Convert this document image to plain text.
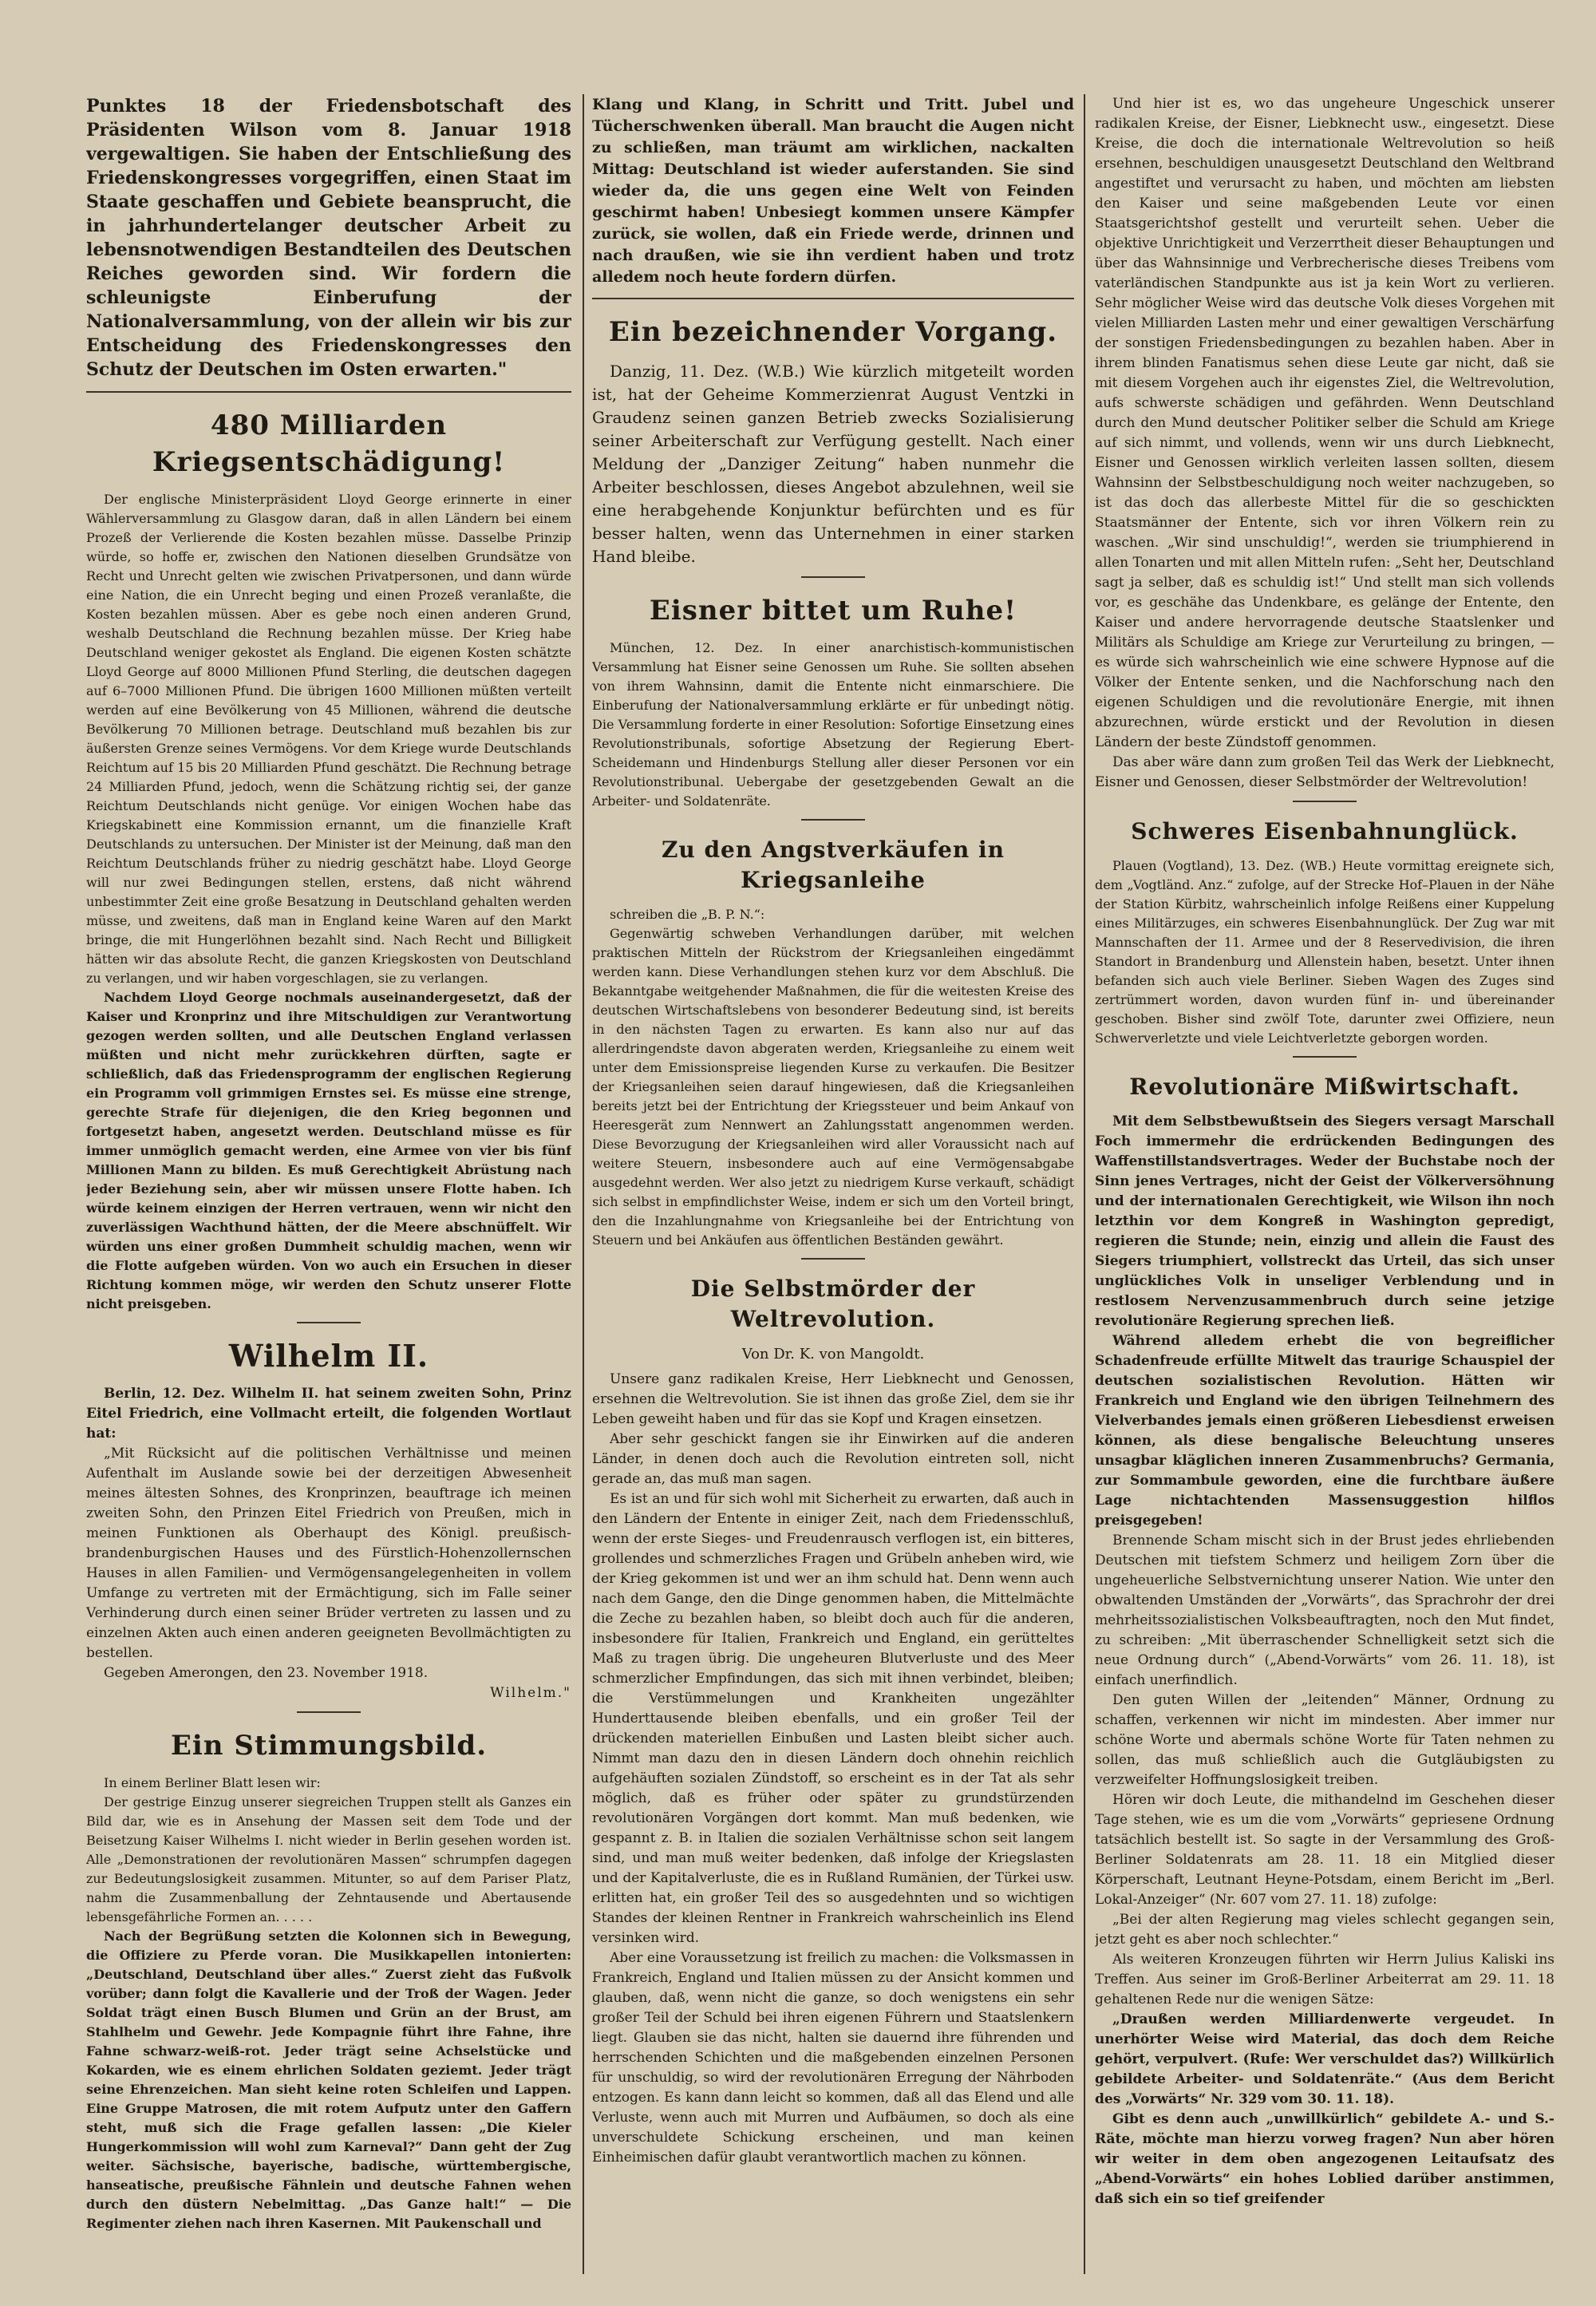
Punktes 18 der Friedensbotschaft des Präsidenten Wilson vom 8. Januar 1918 vergewaltigen. Sie haben der Entschließung des Friedenskongresses vorgegriffen, einen Staat im Staate geschaffen und Gebiete beansprucht, die in jahrhundertelanger deutscher Arbeit zu lebensnotwendigen Bestandteilen des Deutschen Reiches geworden sind. Wir fordern die schleunigste Einberufung der Nationalversammlung, von der allein wir bis zur Entscheidung des Friedenskongresses den Schutz der Deutschen im Osten erwarten."

480 Milliarden Kriegsentschädigung!

Der englische Ministerpräsident Lloyd George erinnerte in einer Wählerversammlung zu Glasgow daran, daß in allen Ländern bei einem Prozeß der Verlierende die Kosten bezahlen müsse. Dasselbe Prinzip würde, so hoffe er, zwischen den Nationen dieselben Grundsätze von Recht und Unrecht gelten wie zwischen Privatpersonen, und dann würde eine Nation, die ein Unrecht beging und einen Prozeß veranlaßte, die Kosten bezahlen müssen. Aber es gebe noch einen anderen Grund, weshalb Deutschland die Rechnung bezahlen müsse. Der Krieg habe Deutschland weniger gekostet als England. Die eigenen Kosten schätzte Lloyd George auf 8000 Millionen Pfund Sterling, die deutschen dagegen auf 6–7000 Millionen Pfund. Die übrigen 1600 Millionen müßten verteilt werden auf eine Bevölkerung von 45 Millionen, während die deutsche Bevölkerung 70 Millionen betrage. Deutschland muß bezahlen bis zur äußersten Grenze seines Vermögens. Vor dem Kriege wurde Deutschlands Reichtum auf 15 bis 20 Milliarden Pfund geschätzt. Die Rechnung betrage 24 Milliarden Pfund, jedoch, wenn die Schätzung richtig sei, der ganze Reichtum Deutschlands nicht genüge. Vor einigen Wochen habe das Kriegskabinett eine Kommission ernannt, um die finanzielle Kraft Deutschlands zu untersuchen. Der Minister ist der Meinung, daß man den Reichtum Deutschlands früher zu niedrig geschätzt habe. Lloyd George will nur zwei Bedingungen stellen, erstens, daß nicht während unbestimmter Zeit eine große Besatzung in Deutschland gehalten werden müsse, und zweitens, daß man in England keine Waren auf den Markt bringe, die mit Hungerlöhnen bezahlt sind. Nach Recht und Billigkeit hätten wir das absolute Recht, die ganzen Kriegskosten von Deutschland zu verlangen, und wir haben vorgeschlagen, sie zu verlangen.

Nachdem Lloyd George nochmals auseinandergesetzt, daß der Kaiser und Kronprinz und ihre Mitschuldigen zur Verantwortung gezogen werden sollten, und alle Deutschen England verlassen müßten und nicht mehr zurückkehren dürften, sagte er schließlich, daß das Friedensprogramm der englischen Regierung ein Programm voll grimmigen Ernstes sei. Es müsse eine strenge, gerechte Strafe für diejenigen, die den Krieg begonnen und fortgesetzt haben, angesetzt werden. Deutschland müsse es für immer unmöglich gemacht werden, eine Armee von vier bis fünf Millionen Mann zu bilden. Es muß Gerechtigkeit Abrüstung nach jeder Beziehung sein, aber wir müssen unsere Flotte haben. Ich würde keinem einzigen der Herren vertrauen, wenn wir nicht den zuverlässigen Wachthund hätten, der die Meere abschnüffelt. Wir würden uns einer großen Dummheit schuldig machen, wenn wir die Flotte aufgeben würden. Von wo auch ein Ersuchen in dieser Richtung kommen möge, wir werden den Schutz unserer Flotte nicht preisgeben.

Wilhelm II.

Berlin, 12. Dez. Wilhelm II. hat seinem zweiten Sohn, Prinz Eitel Friedrich, eine Vollmacht erteilt, die folgenden Wortlaut hat:

„Mit Rücksicht auf die politischen Verhältnisse und meinen Aufenthalt im Auslande sowie bei der derzeitigen Abwesenheit meines ältesten Sohnes, des Kronprinzen, beauftrage ich meinen zweiten Sohn, den Prinzen Eitel Friedrich von Preußen, mich in meinen Funktionen als Oberhaupt des Königl. preußisch-brandenburgischen Hauses und des Fürstlich-Hohenzollernschen Hauses in allen Familien- und Vermögensangelegenheiten in vollem Umfange zu vertreten mit der Ermächtigung, sich im Falle seiner Verhinderung durch einen seiner Brüder vertreten zu lassen und zu einzelnen Akten auch einen anderen geeigneten Bevollmächtigten zu bestellen.

Gegeben Amerongen, den 23. November 1918.

Wilhelm."

Ein Stimmungsbild.

In einem Berliner Blatt lesen wir:

Der gestrige Einzug unserer siegreichen Truppen stellt als Ganzes ein Bild dar, wie es in Ansehung der Massen seit dem Tode und der Beisetzung Kaiser Wilhelms I. nicht wieder in Berlin gesehen worden ist. Alle „Demonstrationen der revolutionären Massen“ schrumpfen dagegen zur Bedeutungslosigkeit zusammen. Mitunter, so auf dem Pariser Platz, nahm die Zusammenballung der Zehntausende und Abertausende lebensgefährliche Formen an. . . . .

Nach der Begrüßung setzten die Kolonnen sich in Bewegung, die Offiziere zu Pferde voran. Die Musikkapellen intonierten: „Deutschland, Deutschland über alles.“ Zuerst zieht das Fußvolk vorüber; dann folgt die Kavallerie und der Troß der Wagen. Jeder Soldat trägt einen Busch Blumen und Grün an der Brust, am Stahlhelm und Gewehr. Jede Kompagnie führt ihre Fahne, ihre Fahne schwarz-weiß-rot. Jeder trägt seine Achselstücke und Kokarden, wie es einem ehrlichen Soldaten geziemt. Jeder trägt seine Ehrenzeichen. Man sieht keine roten Schleifen und Lappen. Eine Gruppe Matrosen, die mit rotem Aufputz unter den Gaffern steht, muß sich die Frage gefallen lassen: „Die Kieler Hungerkommission will wohl zum Karneval?“ Dann geht der Zug weiter. Sächsische, bayerische, badische, württembergische, hanseatische, preußische Fähnlein und deutsche Fahnen wehen durch den düstern Nebelmittag. „Das Ganze halt!“ — Die Regimenter ziehen nach ihren Kasernen. Mit Paukenschall und

Klang und Klang, in Schritt und Tritt. Jubel und Tücherschwenken überall. Man braucht die Augen nicht zu schließen, man träumt am wirklichen, nackalten Mittag: Deutschland ist wieder auferstanden. Sie sind wieder da, die uns gegen eine Welt von Feinden geschirmt haben! Unbesiegt kommen unsere Kämpfer zurück, sie wollen, daß ein Friede werde, drinnen und nach draußen, wie sie ihn verdient haben und trotz alledem noch heute fordern dürfen.

Ein bezeichnender Vorgang.

Danzig, 11. Dez. (W.B.) Wie kürzlich mitgeteilt worden ist, hat der Geheime Kommerzienrat August Ventzki in Graudenz seinen ganzen Betrieb zwecks Sozialisierung seiner Arbeiterschaft zur Verfügung gestellt. Nach einer Meldung der „Danziger Zeitung“ haben nunmehr die Arbeiter beschlossen, dieses Angebot abzulehnen, weil sie eine herabgehende Konjunktur befürchten und es für besser halten, wenn das Unternehmen in einer starken Hand bleibe.

Eisner bittet um Ruhe!

München, 12. Dez. In einer anarchistisch-kommunistischen Versammlung hat Eisner seine Genossen um Ruhe. Sie sollten absehen von ihrem Wahnsinn, damit die Entente nicht einmarschiere. Die Einberufung der Nationalversammlung erklärte er für unbedingt nötig. Die Versammlung forderte in einer Resolution: Sofortige Einsetzung eines Revolutionstribunals, sofortige Absetzung der Regierung Ebert-Scheidemann und Hindenburgs Stellung aller dieser Personen vor ein Revolutionstribunal. Uebergabe der gesetzgebenden Gewalt an die Arbeiter- und Soldatenräte.

Zu den Angstverkäufen in Kriegsanleihe

schreiben die „B. P. N.“:

Gegenwärtig schweben Verhandlungen darüber, mit welchen praktischen Mitteln der Rückstrom der Kriegsanleihen eingedämmt werden kann. Diese Verhandlungen stehen kurz vor dem Abschluß. Die Bekanntgabe weitgehender Maßnahmen, die für die weitesten Kreise des deutschen Wirtschaftslebens von besonderer Bedeutung sind, ist bereits in den nächsten Tagen zu erwarten. Es kann also nur auf das allerdringendste davon abgeraten werden, Kriegsanleihe zu einem weit unter dem Emissionspreise liegenden Kurse zu verkaufen. Die Besitzer der Kriegsanleihen seien darauf hingewiesen, daß die Kriegsanleihen bereits jetzt bei der Entrichtung der Kriegssteuer und beim Ankauf von Heeresgerät zum Nennwert an Zahlungsstatt angenommen werden. Diese Bevorzugung der Kriegsanleihen wird aller Voraussicht nach auf weitere Steuern, insbesondere auch auf eine Vermögensabgabe ausgedehnt werden. Wer also jetzt zu niedrigem Kurse verkauft, schädigt sich selbst in empfindlichster Weise, indem er sich um den Vorteil bringt, den die Inzahlungnahme von Kriegsanleihe bei der Entrichtung von Steuern und bei Ankäufen aus öffentlichen Beständen gewährt.

Die Selbstmörder der Weltrevolution.
Von Dr. K. von Mangoldt.

Unsere ganz radikalen Kreise, Herr Liebknecht und Genossen, ersehnen die Weltrevolution. Sie ist ihnen das große Ziel, dem sie ihr Leben geweiht haben und für das sie Kopf und Kragen einsetzen.

Aber sehr geschickt fangen sie ihr Einwirken auf die anderen Länder, in denen doch auch die Revolution eintreten soll, nicht gerade an, das muß man sagen.

Es ist an und für sich wohl mit Sicherheit zu erwarten, daß auch in den Ländern der Entente in einiger Zeit, nach dem Friedensschluß, wenn der erste Sieges- und Freudenrausch verflogen ist, ein bitteres, grollendes und schmerzliches Fragen und Grübeln anheben wird, wie der Krieg gekommen ist und wer an ihm schuld hat. Denn wenn auch nach dem Gange, den die Dinge genommen haben, die Mittelmächte die Zeche zu bezahlen haben, so bleibt doch auch für die anderen, insbesondere für Italien, Frankreich und England, ein gerütteltes Maß zu tragen übrig. Die ungeheuren Blutverluste und des Meer schmerzlicher Empfindungen, das sich mit ihnen verbindet, bleiben; die Verstümmelungen und Krankheiten ungezählter Hunderttausende bleiben ebenfalls, und ein großer Teil der drückenden materiellen Einbußen und Lasten bleibt sicher auch. Nimmt man dazu den in diesen Ländern doch ohnehin reichlich aufgehäuften sozialen Zündstoff, so erscheint es in der Tat als sehr möglich, daß es früher oder später zu grundstürzenden revolutionären Vorgängen dort kommt. Man muß bedenken, wie gespannt z. B. in Italien die sozialen Verhältnisse schon seit langem sind, und man muß weiter bedenken, daß infolge der Kriegslasten und der Kapitalverluste, die es in Rußland Rumänien, der Türkei usw. erlitten hat, ein großer Teil des so ausgedehnten und so wichtigen Standes der kleinen Rentner in Frankreich wahrscheinlich ins Elend versinken wird.

Aber eine Voraussetzung ist freilich zu machen: die Volksmassen in Frankreich, England und Italien müssen zu der Ansicht kommen und glauben, daß, wenn nicht die ganze, so doch wenigstens ein sehr großer Teil der Schuld bei ihren eigenen Führern und Staatslenkern liegt. Glauben sie das nicht, halten sie dauernd ihre führenden und herrschenden Schichten und die maßgebenden einzelnen Personen für unschuldig, so wird der revolutionären Erregung der Nährboden entzogen. Es kann dann leicht so kommen, daß all das Elend und alle Verluste, wenn auch mit Murren und Aufbäumen, so doch als eine unverschuldete Schickung erscheinen, und man keinen Einheimischen dafür glaubt verantwortlich machen zu können.

Und hier ist es, wo das ungeheure Ungeschick unserer radikalen Kreise, der Eisner, Liebknecht usw., eingesetzt. Diese Kreise, die doch die internationale Weltrevolution so heiß ersehnen, beschuldigen unausgesetzt Deutschland den Weltbrand angestiftet und verursacht zu haben, und möchten am liebsten den Kaiser und seine maßgebenden Leute vor einen Staatsgerichtshof gestellt und verurteilt sehen. Ueber die objektive Unrichtigkeit und Verzerrtheit dieser Behauptungen und über das Wahnsinnige und Verbrecherische dieses Treibens vom vaterländischen Standpunkte aus ist ja kein Wort zu verlieren. Sehr möglicher Weise wird das deutsche Volk dieses Vorgehen mit vielen Milliarden Lasten mehr und einer gewaltigen Verschärfung der sonstigen Friedensbedingungen zu bezahlen haben. Aber in ihrem blinden Fanatismus sehen diese Leute gar nicht, daß sie mit diesem Vorgehen auch ihr eigenstes Ziel, die Weltrevolution, aufs schwerste schädigen und gefährden. Wenn Deutschland durch den Mund deutscher Politiker selber die Schuld am Kriege auf sich nimmt, und vollends, wenn wir uns durch Liebknecht, Eisner und Genossen wirklich verleiten lassen sollten, diesem Wahnsinn der Selbstbeschuldigung noch weiter nachzugeben, so ist das doch das allerbeste Mittel für die so geschickten Staatsmänner der Entente, sich vor ihren Völkern rein zu waschen. „Wir sind unschuldig!“, werden sie triumphierend in allen Tonarten und mit allen Mitteln rufen: „Seht her, Deutschland sagt ja selber, daß es schuldig ist!“ Und stellt man sich vollends vor, es geschähe das Undenkbare, es gelänge der Entente, den Kaiser und andere hervorragende deutsche Staatslenker und Militärs als Schuldige am Kriege zur Verurteilung zu bringen, — es würde sich wahrscheinlich wie eine schwere Hypnose auf die Völker der Entente senken, und die Nachforschung nach den eigenen Schuldigen und die revolutionäre Energie, mit ihnen abzurechnen, würde erstickt und der Revolution in diesen Ländern der beste Zündstoff genommen.

Das aber wäre dann zum großen Teil das Werk der Liebknecht, Eisner und Genossen, dieser Selbstmörder der Weltrevolution!

Schweres Eisenbahnunglück.

Plauen (Vogtland), 13. Dez. (WB.) Heute vormittag ereignete sich, dem „Vogtländ. Anz.“ zufolge, auf der Strecke Hof–Plauen in der Nähe der Station Kürbitz, wahrscheinlich infolge Reißens einer Kuppelung eines Militärzuges, ein schweres Eisenbahnunglück. Der Zug war mit Mannschaften der 11. Armee und der 8 Reservedivision, die ihren Standort in Brandenburg und Allenstein haben, besetzt. Unter ihnen befanden sich auch viele Berliner. Sieben Wagen des Zuges sind zertrümmert worden, davon wurden fünf in- und übereinander geschoben. Bisher sind zwölf Tote, darunter zwei Offiziere, neun Schwerverletzte und viele Leichtverletzte geborgen worden.

Revolutionäre Mißwirtschaft.

Mit dem Selbstbewußtsein des Siegers versagt Marschall Foch immermehr die erdrückenden Bedingungen des Waffenstillstandsvertrages. Weder der Buchstabe noch der Sinn jenes Vertrages, nicht der Geist der Völkerversöhnung und der internationalen Gerechtigkeit, wie Wilson ihn noch letzthin vor dem Kongreß in Washington gepredigt, regieren die Stunde; nein, einzig und allein die Faust des Siegers triumphiert, vollstreckt das Urteil, das sich unser unglückliches Volk in unseliger Verblendung und in restlosem Nervenzusammenbruch durch seine jetzige revolutionäre Regierung sprechen ließ.

Während alledem erhebt die von begreiflicher Schadenfreude erfüllte Mitwelt das traurige Schauspiel der deutschen sozialistischen Revolution. Hätten wir Frankreich und England wie den übrigen Teilnehmern des Vielverbandes jemals einen größeren Liebesdienst erweisen können, als diese bengalische Beleuchtung unseres unsagbar kläglichen inneren Zusammenbruchs? Germania, zur Sommambule geworden, eine die furchtbare äußere Lage nichtachtenden Massensuggestion hilflos preisgegeben!

Brennende Scham mischt sich in der Brust jedes ehrliebenden Deutschen mit tiefstem Schmerz und heiligem Zorn über die ungeheuerliche Selbstvernichtung unserer Nation. Wie unter den obwaltenden Umständen der „Vorwärts“, das Sprachrohr der drei mehrheitssozialistischen Volksbeauftragten, noch den Mut findet, zu schreiben: „Mit überraschender Schnelligkeit setzt sich die neue Ordnung durch“ („Abend-Vorwärts“ vom 26. 11. 18), ist einfach unerfindlich.

Den guten Willen der „leitenden“ Männer, Ordnung zu schaffen, verkennen wir nicht im mindesten. Aber immer nur schöne Worte und abermals schöne Worte für Taten nehmen zu sollen, das muß schließlich auch die Gutgläubigsten zu verzweifelter Hoffnungslosigkeit treiben.

Hören wir doch Leute, die mithandelnd im Geschehen dieser Tage stehen, wie es um die vom „Vorwärts“ gepriesene Ordnung tatsächlich bestellt ist. So sagte in der Versammlung des Groß-Berliner Soldatenrats am 28. 11. 18 ein Mitglied dieser Körperschaft, Leutnant Heyne-Potsdam, einem Bericht im „Berl. Lokal-Anzeiger“ (Nr. 607 vom 27. 11. 18) zufolge:

„Bei der alten Regierung mag vieles schlecht gegangen sein, jetzt geht es aber noch schlechter.“

Als weiteren Kronzeugen führten wir Herrn Julius Kaliski ins Treffen. Aus seiner im Groß-Berliner Arbeiterrat am 29. 11. 18 gehaltenen Rede nur die wenigen Sätze:

„Draußen werden Milliardenwerte vergeudet. In unerhörter Weise wird Material, das doch dem Reiche gehört, verpulvert. (Rufe: Wer verschuldet das?) Willkürlich gebildete Arbeiter- und Soldatenräte.“ (Aus dem Bericht des „Vorwärts“ Nr. 329 vom 30. 11. 18).

Gibt es denn auch „unwillkürlich“ gebildete A.- und S.-Räte, möchte man hierzu vorweg fragen? Nun aber hören wir weiter in dem oben angezogenen Leitaufsatz des „Abend-Vorwärts“ ein hohes Loblied darüber anstimmen, daß sich ein so tief greifender
